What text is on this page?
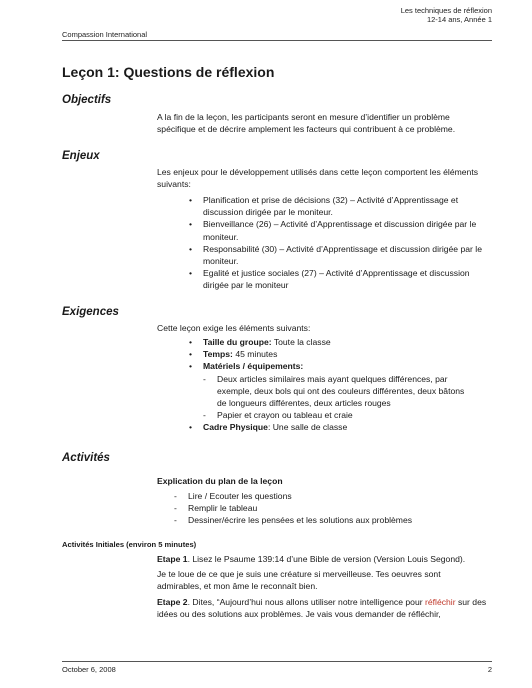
Les techniques de réflexion
12-14 ans, Année 1
Compassion International
Leçon 1: Questions de réflexion
Objectifs
A la fin de la leçon, les participants seront en mesure d’identifier un problème spécifique et de décrire amplement les facteurs qui contribuent à ce problème.
Enjeux
Les enjeux pour le développement utilisés dans cette leçon comportent les éléments suivants:
• Planification et prise de décisions (32) – Activité d’Apprentissage et discussion dirigée par le moniteur.
• Bienveillance (26) – Activité d’Apprentissage et discussion dirigée par le moniteur.
• Responsabilité (30) – Activité d’Apprentissage et discussion dirigée par le moniteur.
• Egalité et justice sociales (27) – Activité d’Apprentissage et discussion dirigée par le moniteur
Exigences
Cette leçon exige les éléments suivants:
• Taille du groupe: Toute la classe
• Temps: 45 minutes
• Matériels / équipements:
- Deux articles similaires mais ayant quelques différences, par exemple, deux bols qui ont des couleurs différentes, deux bâtons de longueurs différentes, deux articles rouges
- Papier et crayon ou tableau et craie
• Cadre Physique: Une salle de classe
Activités
Explication du plan de la leçon
- Lire / Ecouter les questions
- Remplir le tableau
- Dessiner/écrire les pensées et les solutions aux problèmes
Activités Initiales (environ 5 minutes)
Etape 1. Lisez le Psaume 139:14 d’une Bible de version (Version Louis Segond).
Je te loue de ce que je suis une créature si merveilleuse. Tes oeuvres sont admirables, et mon âme le reconnaît bien.
Etape 2. Dites, “Aujourd’hui nous allons utiliser notre intelligence pour réfléchir sur des idées ou des solutions aux problèmes. Je vais vous demander de réfléchir,
October 6, 2008	2
